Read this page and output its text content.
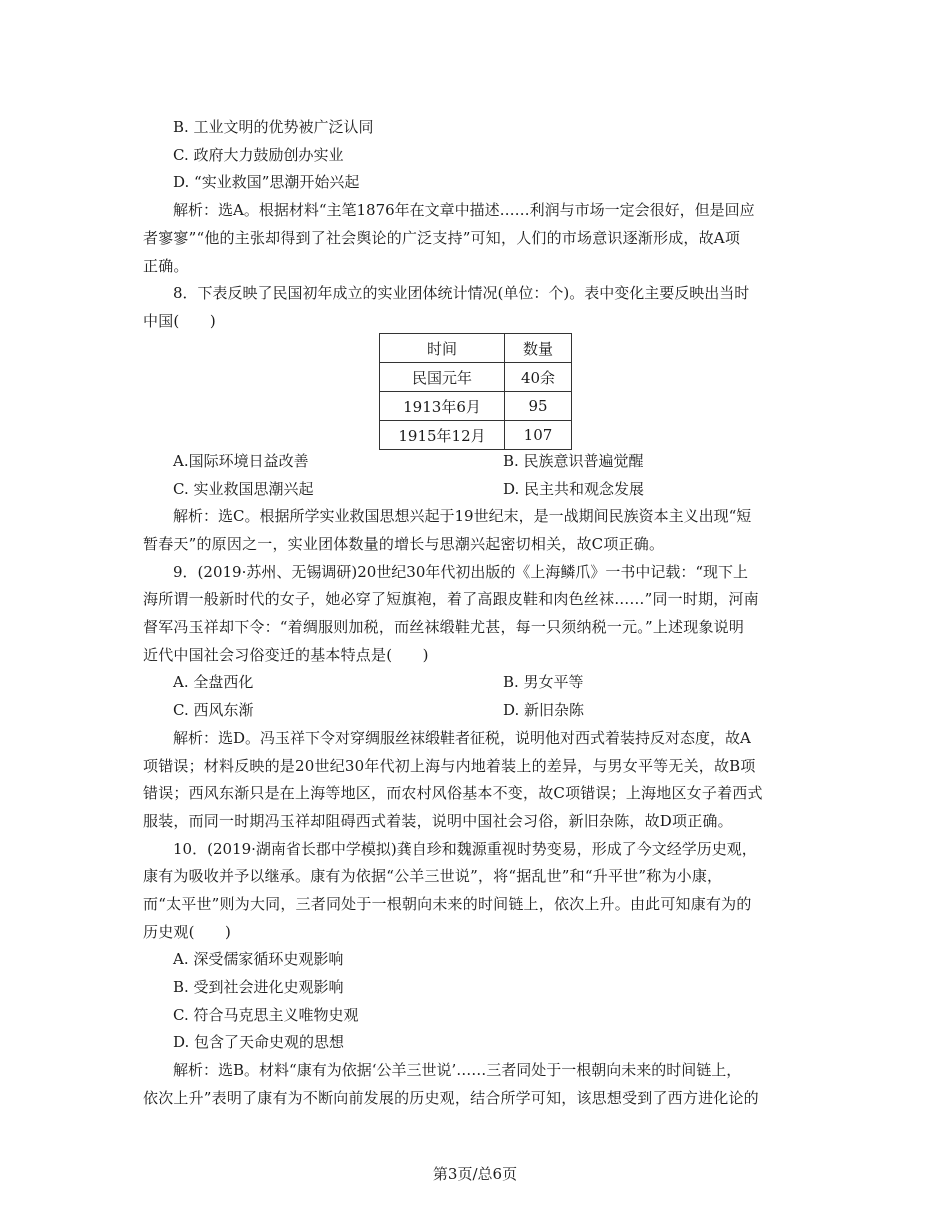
B. 工业文明的优势被广泛认同
C. 政府大力鼓励创办实业
D. “实业救国”思潮开始兴起
解析：选A。根据材料“主笔1876年在文章中描述……利润与市场一定会很好，但是回应
者寥寥”“他的主张却得到了社会舆论的广泛支持”可知，人们的市场意识逐渐形成，故A项
正确。
8．下表反映了民国初年成立的实业团体统计情况(单位：个)。表中变化主要反映出当时
中国(　　)
时间	数量
民国元年	40余
1913年6月	95
1915年12月	107
A.国际环境日益改善	B. 民族意识普遍觉醒
C. 实业救国思潮兴起	D. 民主共和观念发展
解析：选C。根据所学实业救国思想兴起于19世纪末，是一战期间民族资本主义出现“短
暂春天”的原因之一，实业团体数量的增长与思潮兴起密切相关，故C项正确。
9．(2019·苏州、无锡调研)20世纪30年代初出版的《上海鳞爪》一书中记载：“现下上
海所谓一般新时代的女子，她必穿了短旗袍，着了高跟皮鞋和肉色丝袜……”同一时期，河南
督军冯玉祥却下令：“着绸服则加税，而丝袜缎鞋尤甚，每一只须纳税一元。”上述现象说明
近代中国社会习俗变迁的基本特点是(　　)
A. 全盘西化	B. 男女平等
C. 西风东渐	D. 新旧杂陈
解析：选D。冯玉祥下令对穿绸服丝袜缎鞋者征税，说明他对西式着装持反对态度，故A
项错误；材料反映的是20世纪30年代初上海与内地着装上的差异，与男女平等无关，故B项
错误；西风东渐只是在上海等地区，而农村风俗基本不变，故C项错误；上海地区女子着西式
服装，而同一时期冯玉祥却阻碍西式着装，说明中国社会习俗，新旧杂陈，故D项正确。
10．(2019·湖南省长郡中学模拟)龚自珍和魏源重视时势变易，形成了今文经学历史观，
康有为吸收并予以继承。康有为依据“公羊三世说”，将“据乱世”和“升平世”称为小康，
而“太平世”则为大同，三者同处于一根朝向未来的时间链上，依次上升。由此可知康有为的
历史观(　　)
A. 深受儒家循环史观影响
B. 受到社会进化史观影响
C. 符合马克思主义唯物史观
D. 包含了天命史观的思想
解析：选B。材料“康有为依据‘公羊三世说’……三者同处于一根朝向未来的时间链上，
依次上升”表明了康有为不断向前发展的历史观，结合所学可知，该思想受到了西方进化论的
第3页/总6页
